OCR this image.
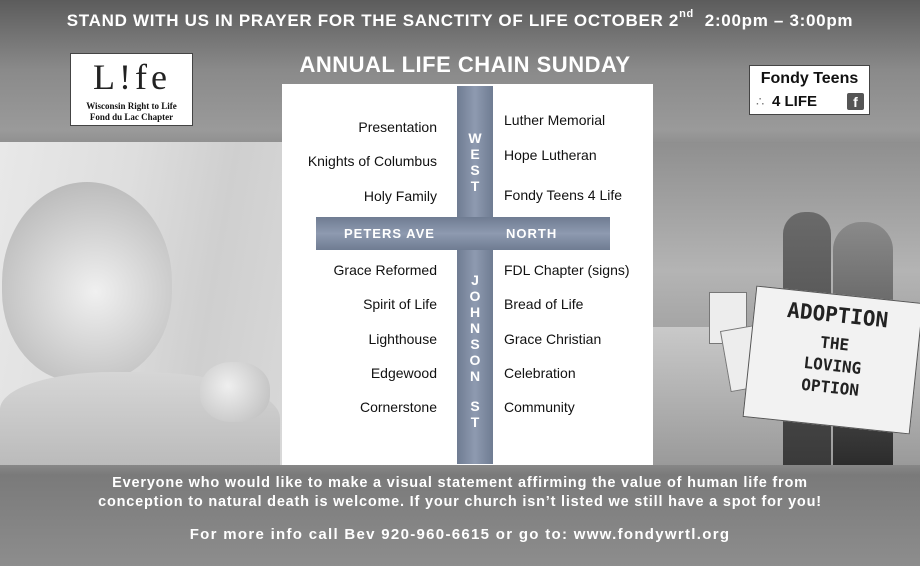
STAND WITH US IN PRAYER FOR THE SANCTITY OF LIFE OCTOBER 2nd  2:00pm – 3:00pm
ANNUAL LIFE CHAIN SUNDAY
L!fe
Wisconsin Right to Life
Fond du Lac Chapter
Fondy Teens
∴ 4 LIFE	f
ADOPTION
THE
LOVING
OPTION
W
E
S
T
PETERS AVE	NORTH
J
O
H
N
S
O
N
S
T
Presentation
Knights of Columbus
Holy Family
Luther Memorial
Hope Lutheran
Fondy Teens 4 Life
Grace Reformed
Spirit of Life
Lighthouse
Edgewood
Cornerstone
FDL Chapter (signs)
Bread of Life
Grace Christian
Celebration
Community
Everyone who would like to make a visual statement affirming the value of human life from
conception to natural death is welcome. If your church isn’t listed we still have a spot for you!
For more info call Bev 920-960-6615 or go to: www.fondywrtl.org
